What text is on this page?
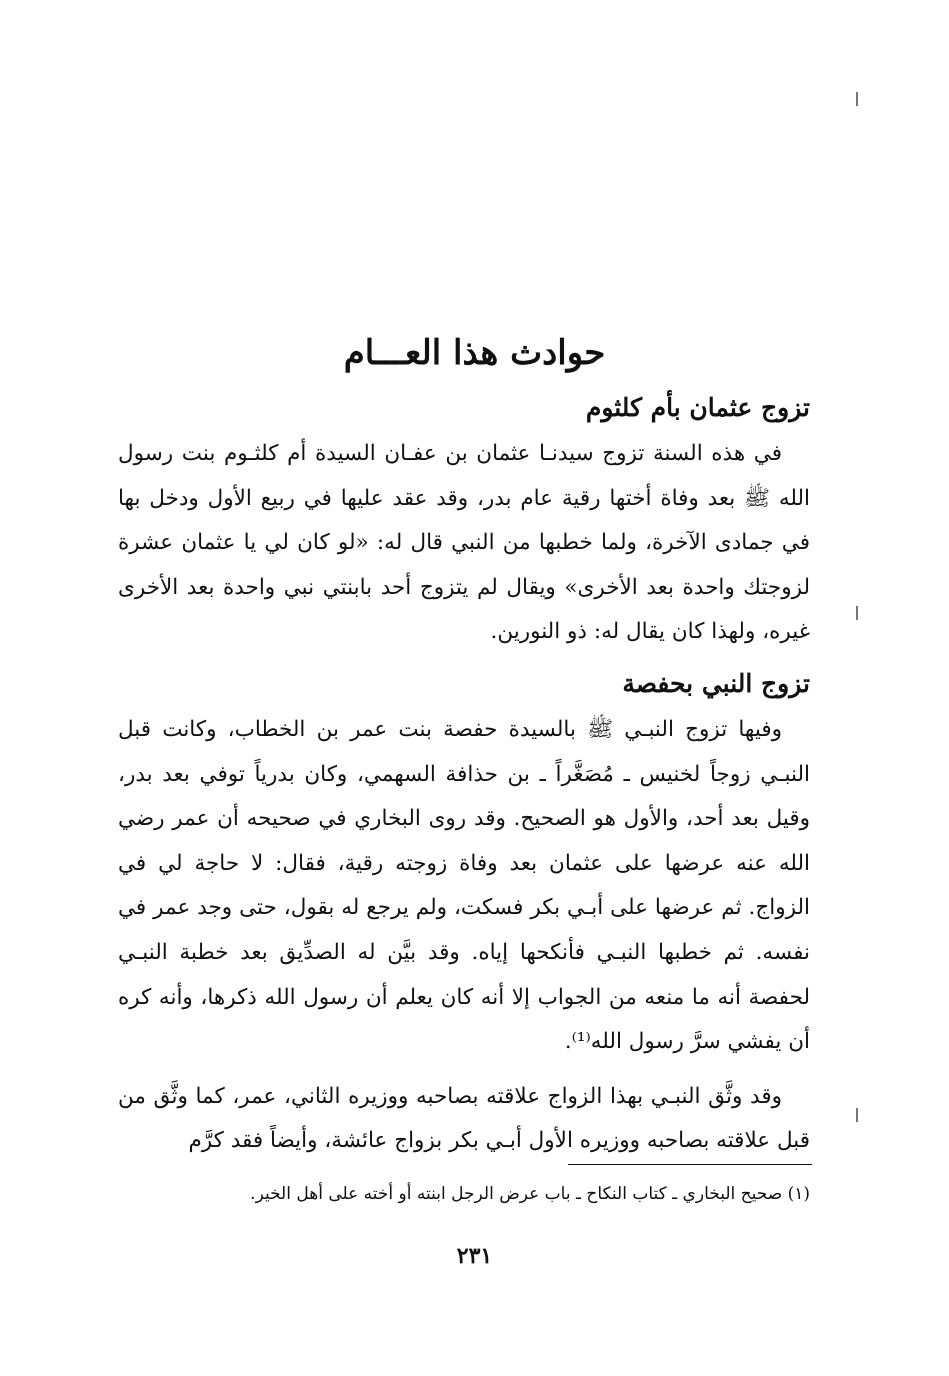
حوادث هذا العـــام
تزوج عثمان بأم كلثوم

في هذه السنة تزوج سيدنـا عثمان بن عفـان السيدة أم كلثـوم بنت رسول الله ﷺ بعد وفاة أختها رقية عام بدر، وقد عقد عليها في ربيع الأول ودخل بها في جمادى الآخرة، ولما خطبها من النبي قال له: «لو كان لي يا عثمان عشرة لزوجتك واحدة بعد الأخرى» ويقال لم يتزوج أحد بابنتي نبي واحدة بعد الأخرى غيره، ولهذا كان يقال له: ذو النورين.

تزوج النبي بحفصة

وفيها تزوج النبـي ﷺ بالسيدة حفصة بنت عمر بن الخطاب، وكانت قبل النبـي زوجاً لخنيس ـ مُصَغَّراً ـ بن حذافة السهمي، وكان بدرياً توفي بعد بدر، وقيل بعد أحد، والأول هو الصحيح. وقد روى البخاري في صحيحه أن عمر رضي الله عنه عرضها على عثمان بعد وفاة زوجته رقية، فقال: لا حاجة لي في الزواج. ثم عرضها على أبـي بكر فسكت، ولم يرجع له بقول، حتى وجد عمر في نفسه. ثم خطبها النبـي فأنكحها إياه. وقد بيَّن له الصدِّيق بعد خطبة النبـي لحفصة أنه ما منعه من الجواب إلا أنه كان يعلم أن رسول الله ذكرها، وأنه كره أن يفشي سرَّ رسول الله⁽¹⁾.

وقد وثَّق النبـي بهذا الزواج علاقته بصاحبه ووزيره الثاني، عمر، كما وثَّق من قبل علاقته بصاحبه ووزيره الأول أبـي بكر بزواج عائشة، وأيضاً فقد كرَّم

(١) صحيح البخاري ـ كتاب النكاح ـ باب عرض الرجل ابنته أو أخته على أهل الخير.

٢٣١
